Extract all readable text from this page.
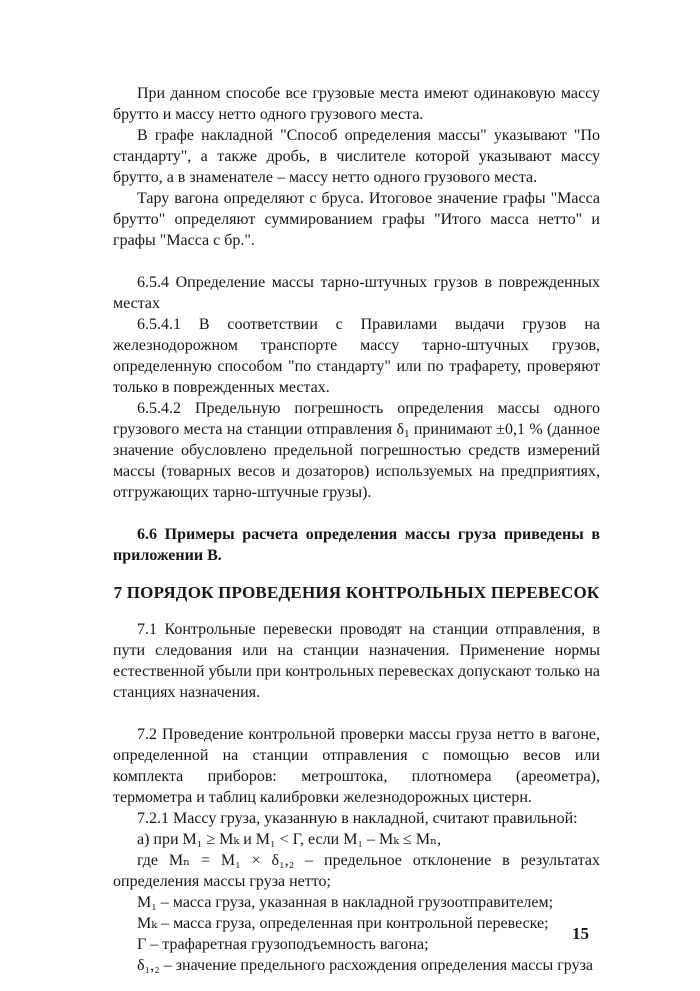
При данном способе все грузовые места имеют одинаковую массу брутто и массу нетто одного грузового места.

В графе накладной "Способ определения массы" указывают "По стандарту", а также дробь, в числителе которой указывают массу брутто, а в знаменателе – массу нетто одного грузового места.

Тару вагона определяют с бруса. Итоговое значение графы "Масса брутто" определяют суммированием графы "Итого масса нетто" и графы "Масса с бр.".

6.5.4 Определение массы тарно-штучных грузов в поврежденных местах

6.5.4.1 В соответствии с Правилами выдачи грузов на железнодорожном транспорте массу тарно-штучных грузов, определенную способом "по стандарту" или по трафарету, проверяют только в поврежденных местах.

6.5.4.2 Предельную погрешность определения массы одного грузового места на станции отправления $\delta_1$ принимают ±0,1 % (данное значение обусловлено предельной погрешностью средств измерений массы (товарных весов и дозаторов) используемых на предприятиях, отгружающих тарно-штучные грузы).

6.6 Примеры расчета определения массы груза приведены в приложении В.

7 ПОРЯДОК ПРОВЕДЕНИЯ КОНТРОЛЬНЫХ ПЕРЕВЕСОК

7.1 Контрольные перевески проводят на станции отправления, в пути следования или на станции назначения. Применение нормы естественной убыли при контрольных перевесках допускают только на станциях назначения.

7.2 Проведение контрольной проверки массы груза нетто в вагоне, определенной на станции отправления с помощью весов или комплекта приборов: метроштока, плотномера (ареометра), термометра и таблиц калибровки железнодорожных цистерн.

7.2.1 Массу груза, указанную в накладной, считают правильной:

а) при M₁ ≥ Mₖ и M₁ < Г, если M₁ – Mₖ ≤ Mₙ,

где Mₙ = M₁ × δ₁,₂ – предельное отклонение в результатах определения массы груза нетто;

M₁ – масса груза, указанная в накладной грузоотправителем;

Mₖ – масса груза, определенная при контрольной перевеске;

Г – трафаретная грузоподъемность вагона;

δ₁,₂ – значение предельного расхождения определения массы груза

15
